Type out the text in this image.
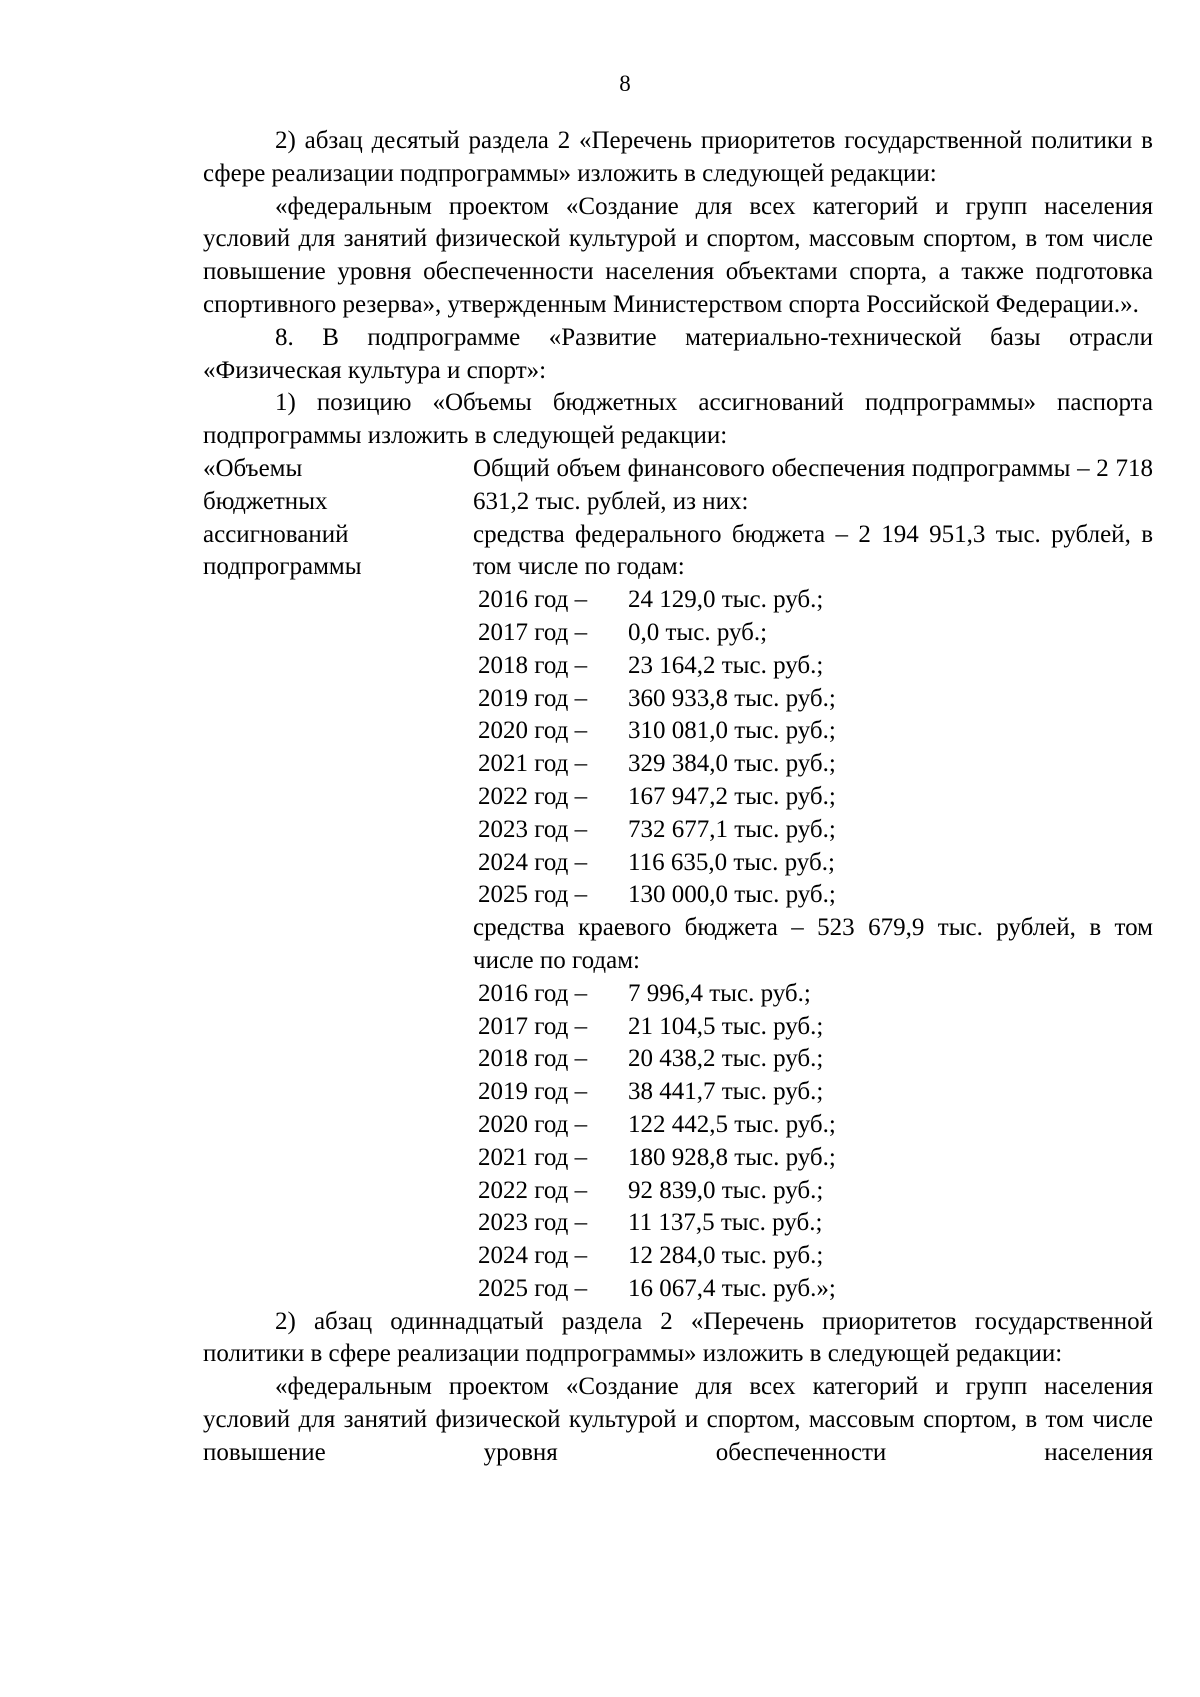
8

2) абзац десятый раздела 2 «Перечень приоритетов государственной политики в сфере реализации подпрограммы» изложить в следующей редакции:

«федеральным проектом «Создание для всех категорий и групп населения условий для занятий физической культурой и спортом, массовым спортом, в том числе повышение уровня обеспеченности населения объектами спорта, а также подготовка спортивного резерва», утвержденным Министерством спорта Российской Федерации.».

8. В подпрограмме «Развитие материально-технической базы отрасли «Физическая культура и спорт»:

1) позицию «Объемы бюджетных ассигнований подпрограммы» паспорта подпрограммы изложить в следующей редакции:

«Объемы
бюджетных
ассигнований
подпрограммы

Общий объем финансового обеспечения подпрограммы – 2 718 631,2 тыс. рублей, из них:

средства федерального бюджета – 2 194 951,3 тыс. рублей, в том числе по годам:

2016 год –	24 129,0 тыс. руб.;
2017 год –	0,0 тыс. руб.;
2018 год –	23 164,2 тыс. руб.;
2019 год –	360 933,8 тыс. руб.;
2020 год –	310 081,0 тыс. руб.;
2021 год –	329 384,0 тыс. руб.;
2022 год –	167 947,2 тыс. руб.;
2023 год –	732 677,1 тыс. руб.;
2024 год –	116 635,0 тыс. руб.;
2025 год –	130 000,0 тыс. руб.;

средства краевого бюджета – 523 679,9 тыс. рублей, в том числе по годам:

2016 год –	7 996,4 тыс. руб.;
2017 год –	21 104,5 тыс. руб.;
2018 год –	20 438,2 тыс. руб.;
2019 год –	38 441,7 тыс. руб.;
2020 год –	122 442,5 тыс. руб.;
2021 год –	180 928,8 тыс. руб.;
2022 год –	92 839,0 тыс. руб.;
2023 год –	11 137,5 тыс. руб.;
2024 год –	12 284,0 тыс. руб.;
2025 год –	16 067,4 тыс. руб.»;

2) абзац одиннадцатый раздела 2 «Перечень приоритетов государственной политики в сфере реализации подпрограммы» изложить в следующей редакции:

«федеральным проектом «Создание для всех категорий и групп населения условий для занятий физической культурой и спортом, массовым спортом, в том числе повышение уровня обеспеченности населения
